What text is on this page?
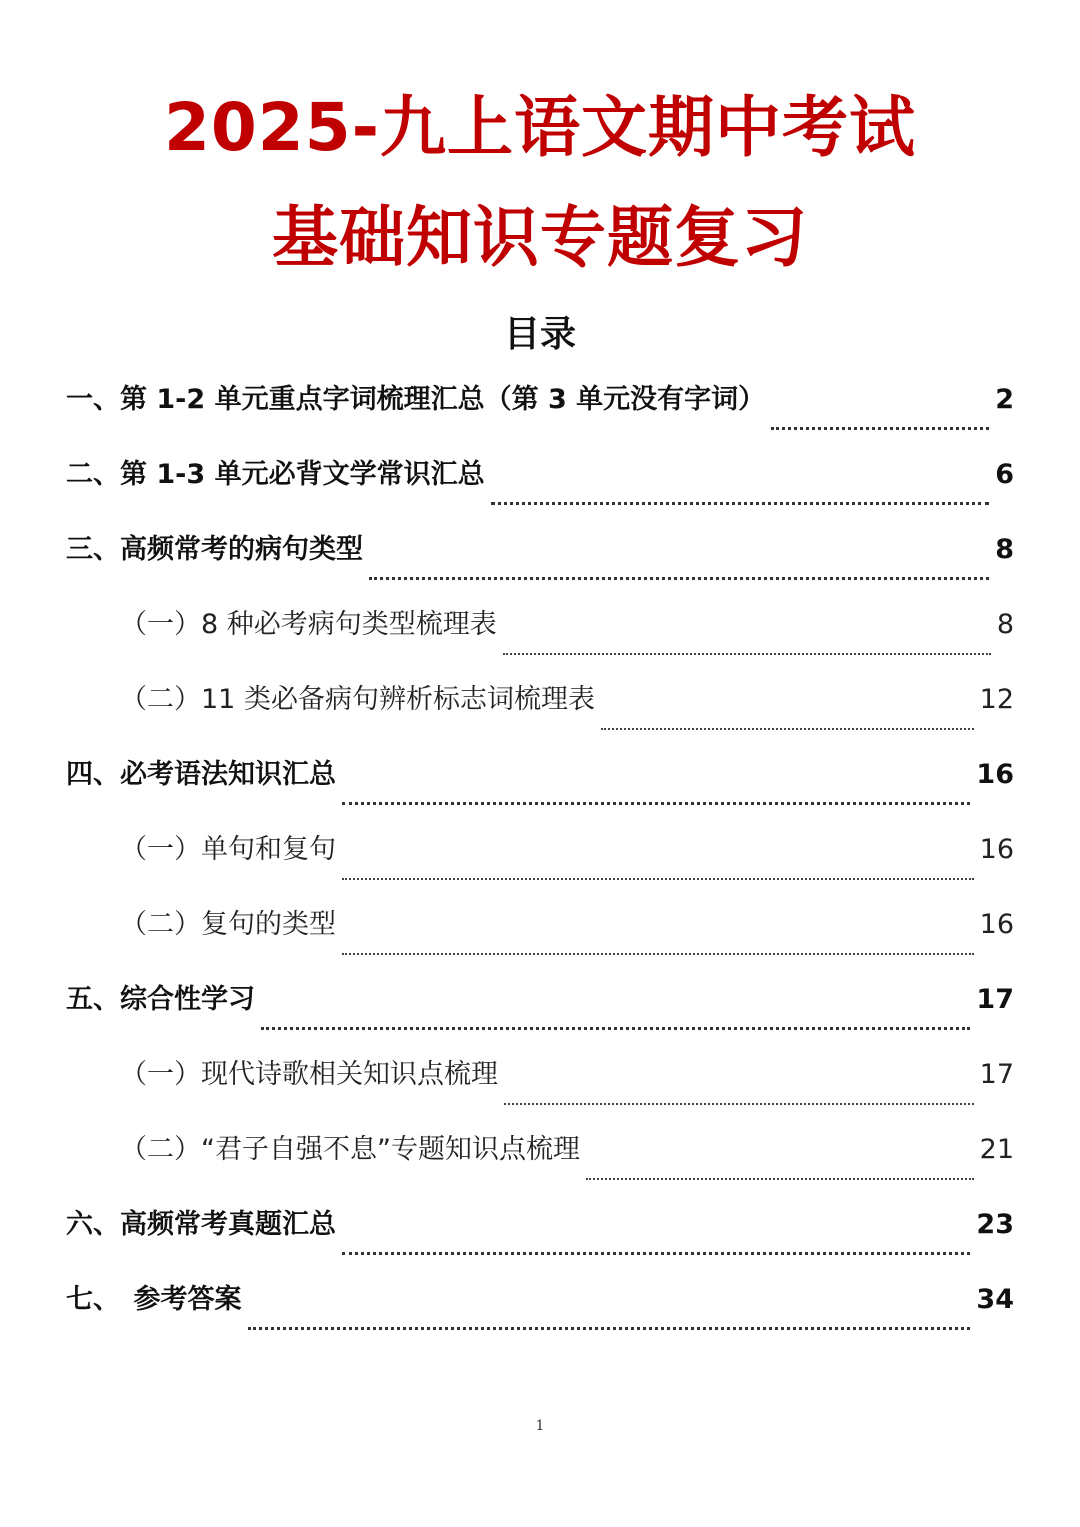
2025-九上语文期中考试
基础知识专题复习
目录
一、第 1-2 单元重点字词梳理汇总（第 3 单元没有字词）	2
二、第 1-3 单元必背文学常识汇总	6
三、高频常考的病句类型	8
（一）8 种必考病句类型梳理表	8
（二）11 类必备病句辨析标志词梳理表	12
四、必考语法知识汇总	16
（一）单句和复句	16
（二）复句的类型	16
五、综合性学习	17
（一）现代诗歌相关知识点梳理	17
（二）“君子自强不息”专题知识点梳理	21
六、高频常考真题汇总	23
七、　参考答案	34
1
